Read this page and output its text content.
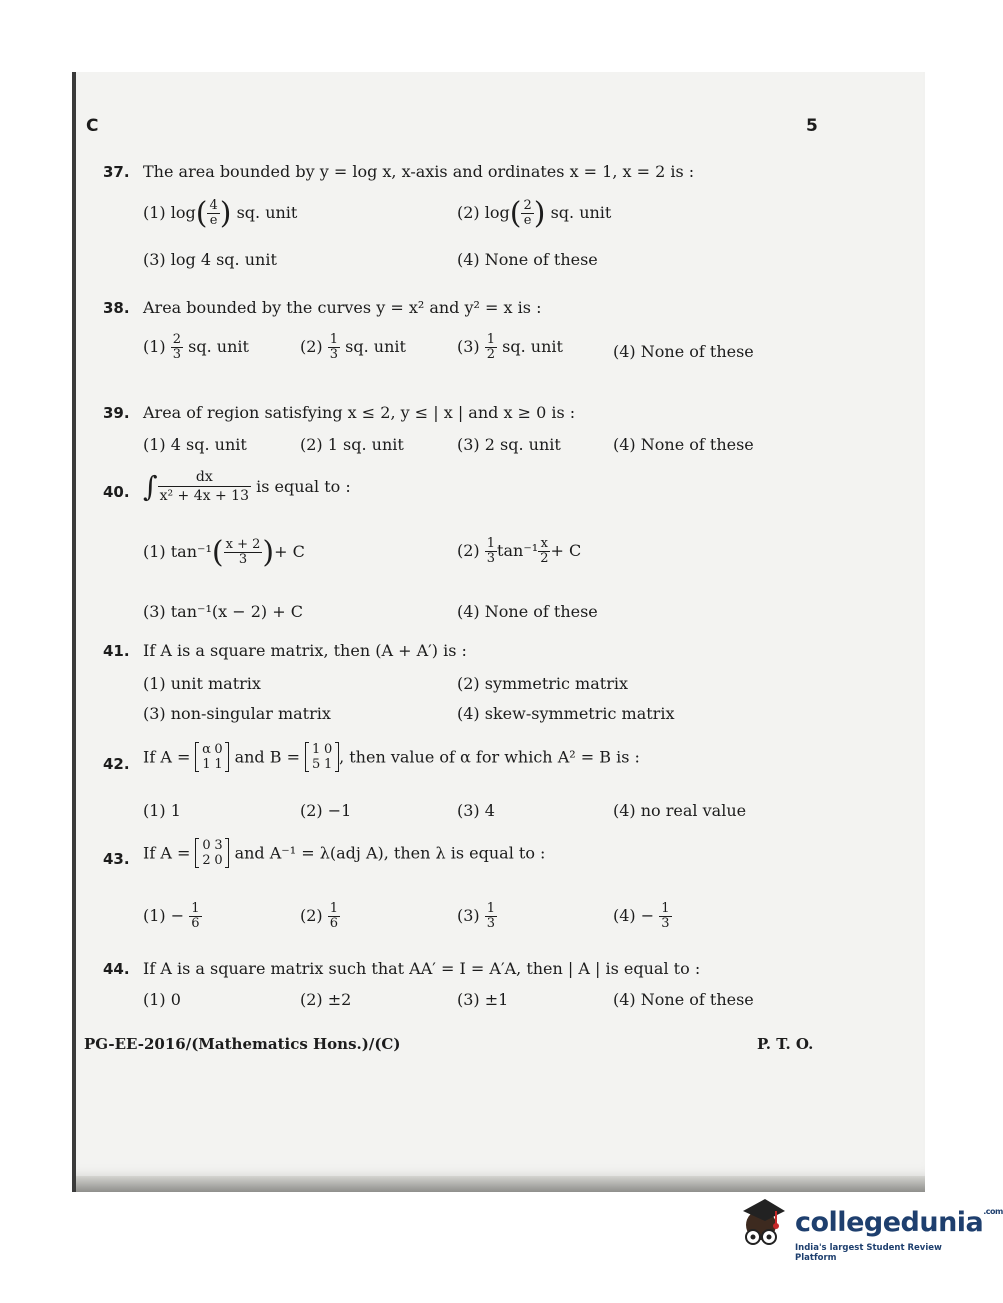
C	5
37. The area bounded by y = log x, x-axis and ordinates x = 1, x = 2 is :
(1) $\log( \frac{4}{e}$ ) sq. unit	(2) $\log( \frac{2}{e}$ ) sq. unit
(3) log 4 sq. unit	(4) None of these
38. Area bounded by the curves y = x² and y² = x is :
$(1) \frac{2}{3}$ sq. unit	$(2) \frac{1}{3}$ sq. unit	$(3) \frac{1}{2}$ sq. unit	(4) None of these
39. Area of region satisfying x ≤ 2, y ≤ | x | and x ≥ 0 is :
(1) 4 sq. unit	(2) 1 sq. unit	(3) 2 sq. unit	(4) None of these
40. ∫ $\frac{dx}{\text{x² + 4x + 13}}$ is equal to :
(1) $\tan^{-1}( \frac{x + 2}{3}$ )+ C	$(2) \frac{1}{3} \tan^{-1} \frac{x}{2} + C$
(3) tan⁻¹(x − 2) + C	(4) None of these
41. If A is a square matrix, then (A + A′) is :
(1) unit matrix	(2) symmetric matrix
(3) non-singular matrix	(4) skew-symmetric matrix
42. If A = α 0
1 1 and B = 1 0
5 1 , then value of α for which A² = B is :
(1) 1	(2) −1	(3) 4	(4) no real value
43. If A = 0 3
2 0 and A⁻¹ = λ(adj A), then λ is equal to :
$(1) - \frac{1}{6}$	$(2) \frac{1}{6}$	$(3) \frac{1}{3}$	$(4) - \frac{1}{3}$
44. If A is a square matrix such that AA′ = I = A′A, then | A | is equal to :
(1) 0	(2) ±2	(3) ±1	(4) None of these
PG-EE-2016/(Mathematics Hons.)/(C)	P. T. O.
collegedunia$^{.com}$
India's largest Student Review Platform
